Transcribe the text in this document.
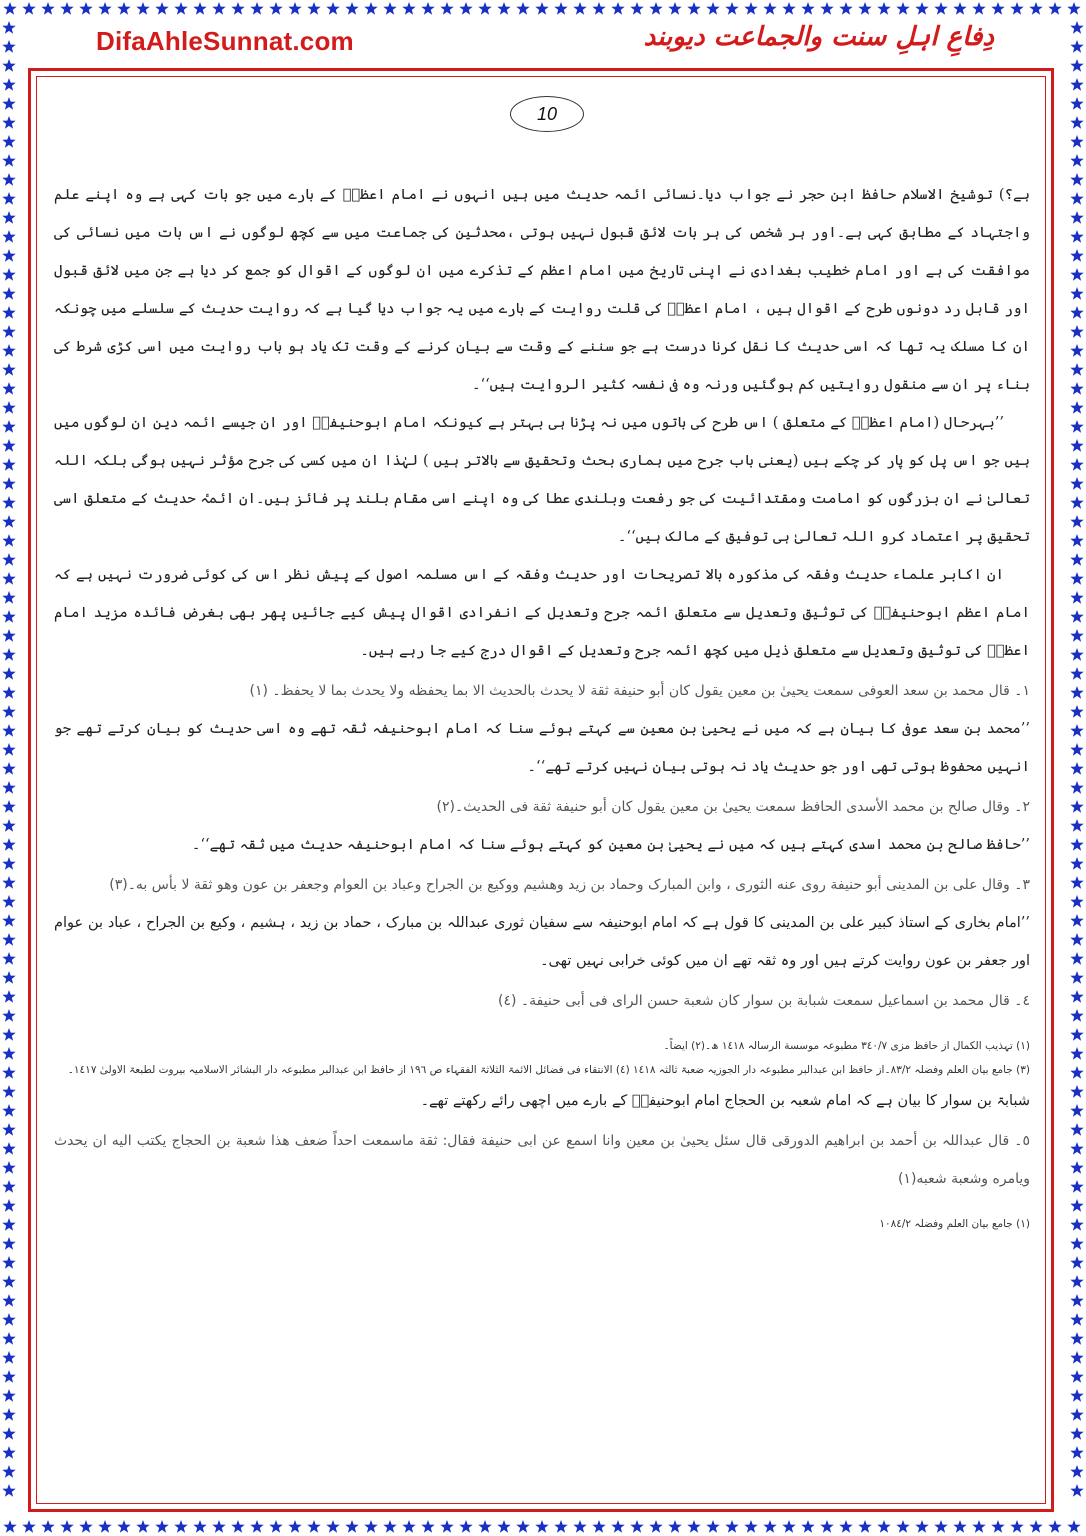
DifaAhleSunnat.com	دِفاعِ اہلِ سنت والجماعت دیوبند
10

ہے؟) توشیخ الاسلام حافظ ابن حجر نے جواب دیا۔نسائی ائمہ حدیث میں ہیں انہوں نے امام اعظمؒ کے بارے میں جو بات کہی ہے وہ اپنے علم واجتہاد کے مطابق کہی ہے۔اور ہر شخص کی ہر بات لائق قبول نہیں ہوتی ،محدثین کی جماعت میں سے کچھ لوگوں نے اس بات میں نسائی کی موافقت کی ہے اور امام خطیب بغدادی نے اپنی تاریخ میں امام اعظم کے تذکرے میں ان لوگوں کے اقوال کو جمع کر دیا ہے جن میں لائق قبول اور قابل رد دونوں طرح کے اقوال ہیں ، امام اعظمؒ کی قلت روایت کے بارے میں یہ جواب دیا گیا ہے کہ روایت حدیث کے سلسلے میں چونکہ ان کا مسلک یہ تھا کہ اسی حدیث کا نقل کرنا درست ہے جو سننے کے وقت سے بیان کرنے کے وقت تک یاد ہو باب روایت میں اسی کڑی شرط کی بناء پر ان سے منقول روایتیں کم ہوگئیں ورنہ وہ فی نفسہ کثیر الروایت ہیں‘‘۔

’’بہرحال (امام اعظمؒ کے متعلق ) اس طرح کی باتوں میں نہ پڑنا ہی بہتر ہے کیونکہ امام ابوحنیفہؒ اور ان جیسے ائمہ دین ان لوگوں میں ہیں جو اس پل کو پار کر چکے ہیں (یعنی باب جرح میں ہماری بحث وتحقیق سے بالاتر ہیں ) لہٰذا ان میں کسی کی جرح مؤثر نہیں ہوگی بلکہ اللہ تعالیٰ نے ان بزرگوں کو امامت ومقتدائیت کی جو رفعت وبلندی عطا کی وہ اپنے اسی مقام بلند پر فائز ہیں۔ان ائمہٴ حدیث کے متعلق اسی تحقیق پر اعتماد کرو اللہ تعالیٰ ہی توفیق کے مالک ہیں‘‘۔

ان اکابر علماء حدیث وفقہ کی مذکورہ بالا تصریحات اور حدیث وفقہ کے اس مسلمہ اصول کے پیش نظر اس کی کوئی ضرورت نہیں ہے کہ امام اعظم ابوحنیفہؒ کی توثیق وتعدیل سے متعلق ائمہ جرح وتعدیل کے انفرادی اقوال پیش کیے جائیں پھر بھی بغرض فائدہ مزید امام اعظمؒ کی توثیق وتعدیل سے متعلق ذیل میں کچھ ائمہ جرح وتعدیل کے اقوال درج کیے جا رہے ہیں۔

١۔ قال محمد بن سعد العوفی سمعت یحییٰ بن معین یقول کان أبو حنیفة ثقة لا یحدث بالحدیث الا بما یحفظه ولا یحدث بما لا یحفظ۔ (١)

’’محمد بن سعد عوفی کا بیان ہے کہ میں نے یحییٰ بن معین سے کہتے ہوئے سنا کہ امام ابوحنیفہ ثقہ تھے وہ اسی حدیث کو بیان کرتے تھے جو انہیں محفوظ ہوتی تھی اور جو حدیث یاد نہ ہوتی بیان نہیں کرتے تھے‘‘۔

٢۔ وقال صالح بن محمد الأسدی الحافظ سمعت یحییٰ بن معین یقول کان أبو حنیفة ثقة فی الحدیث۔(٢)

’’حافظ صالح بن محمد اسدی کہتے ہیں کہ میں نے یحییٰ بن معین کو کہتے ہوئے سنا کہ امام ابوحنیفہ حدیث میں ثقہ تھے‘‘۔

٣۔ وقال علی بن المدینی أبو حنیفة روی عنه الثوری ، وابن المبارک وحماد بن زید وهشیم ووکیع بن الجراح وعباد بن العوام وجعفر بن عون وهو ثقة لا بأس به۔(٣)

’’امام بخاری کے استاذ کبیر علی بن المدینی کا قول ہے کہ امام ابوحنیفہ سے سفیان ثوری عبداللہ بن مبارک ، حماد بن زید ، ہشیم ، وکیع بن الجراح ، عباد بن عوام اور جعفر بن عون روایت کرتے ہیں اور وہ ثقہ تھے ان میں کوئی خرابی نہیں تھی۔

٤۔ قال محمد بن اسماعیل سمعت شبابة بن سوار کان شعبة حسن الرای فی أبی حنیفة۔ (٤)

(١) تہذیب الکمال از حافظ مزی ٣٤٠/٧ مطبوعہ موسسة الرسالہ ١٤١٨ ھ۔(٢) ایضاً۔

(٣) جامع بیان العلم وفضلہ ٨٣/٢۔از حافظ ابن عبدالبر مطبوعہ دار الجوزیہ ضعبۃ ثالثہ ١٤١٨ (٤) الانتقاء فی فضائل الائمۃ الثلاثۃ الفقہاء ص ١٩٦ از حافظ ابن عبدالبر مطبوعہ دار البشائر الاسلامیہ بیروت لطبعۃ الاولیٰ ١٤١٧۔

شبابۃ بن سوار کا بیان ہے کہ امام شعبہ بن الحجاج امام ابوحنیفہؒ کے بارے میں اچھی رائے رکھتے تھے۔

٥۔ قال عبداللہ بن أحمد بن ابراهیم الدورقی قال سئل یحییٰ بن معین وانا اسمع عن ابی حنیفة فقال: ثقة ماسمعت احداً ضعف هذا شعبة بن الحجاج یکتب الیه ان یحدث ویامره وشعبة شعبه(١)

(١) جامع بیان العلم وفضلہ ١٠٨٤/٢
